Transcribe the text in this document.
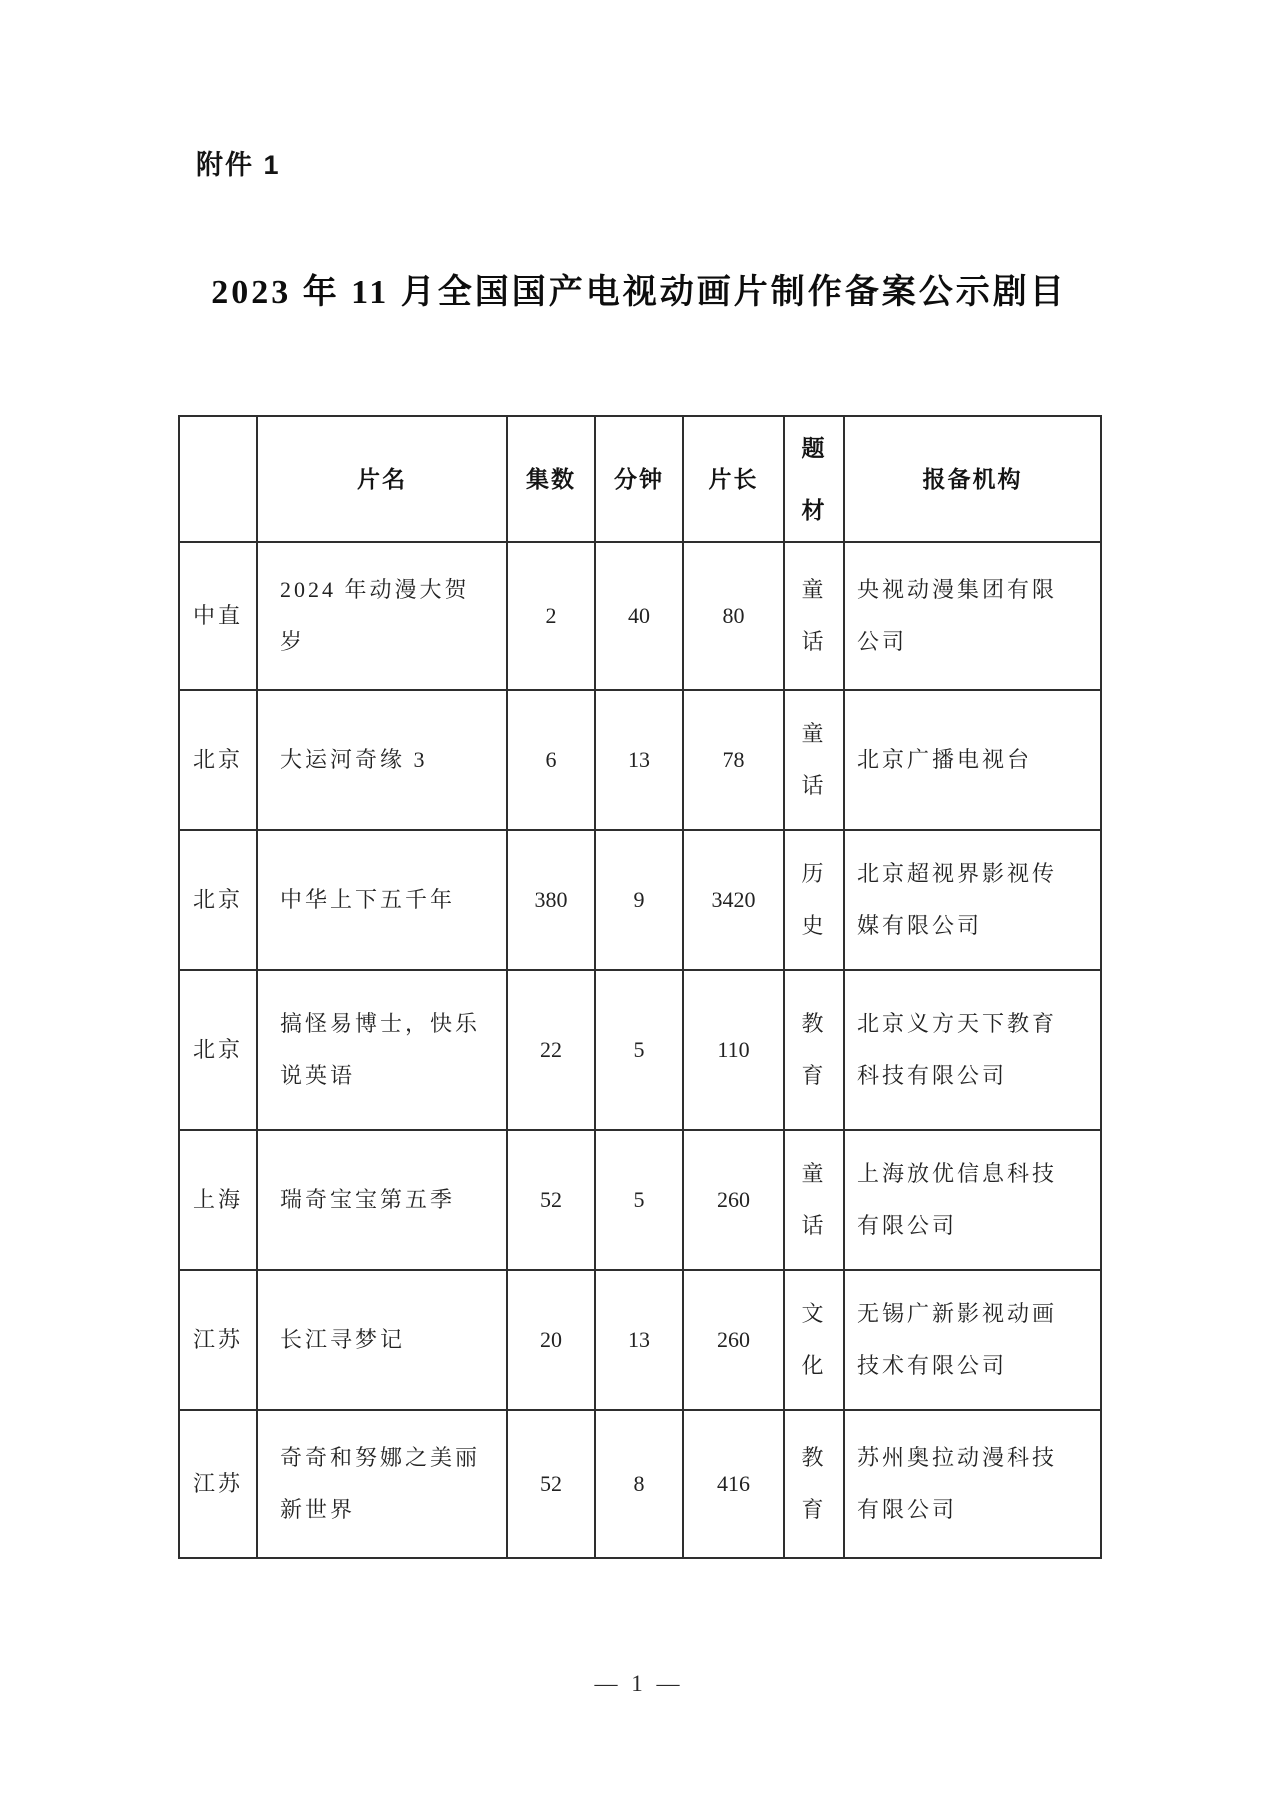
附件 1
2023 年 11 月全国国产电视动画片制作备案公示剧目
	片名	集数	分钟	片长	题材	报备机构
中直	2024 年动漫大贺岁	2	40	80	童话	央视动漫集团有限公司
北京	大运河奇缘 3	6	13	78	童话	北京广播电视台
北京	中华上下五千年	380	9	3420	历史	北京超视界影视传媒有限公司
北京	搞怪易博士，快乐说英语	22	5	110	教育	北京义方天下教育科技有限公司
上海	瑞奇宝宝第五季	52	5	260	童话	上海放优信息科技有限公司
江苏	长江寻梦记	20	13	260	文化	无锡广新影视动画技术有限公司
江苏	奇奇和努娜之美丽新世界	52	8	416	教育	苏州奥拉动漫科技有限公司
— 1 —
